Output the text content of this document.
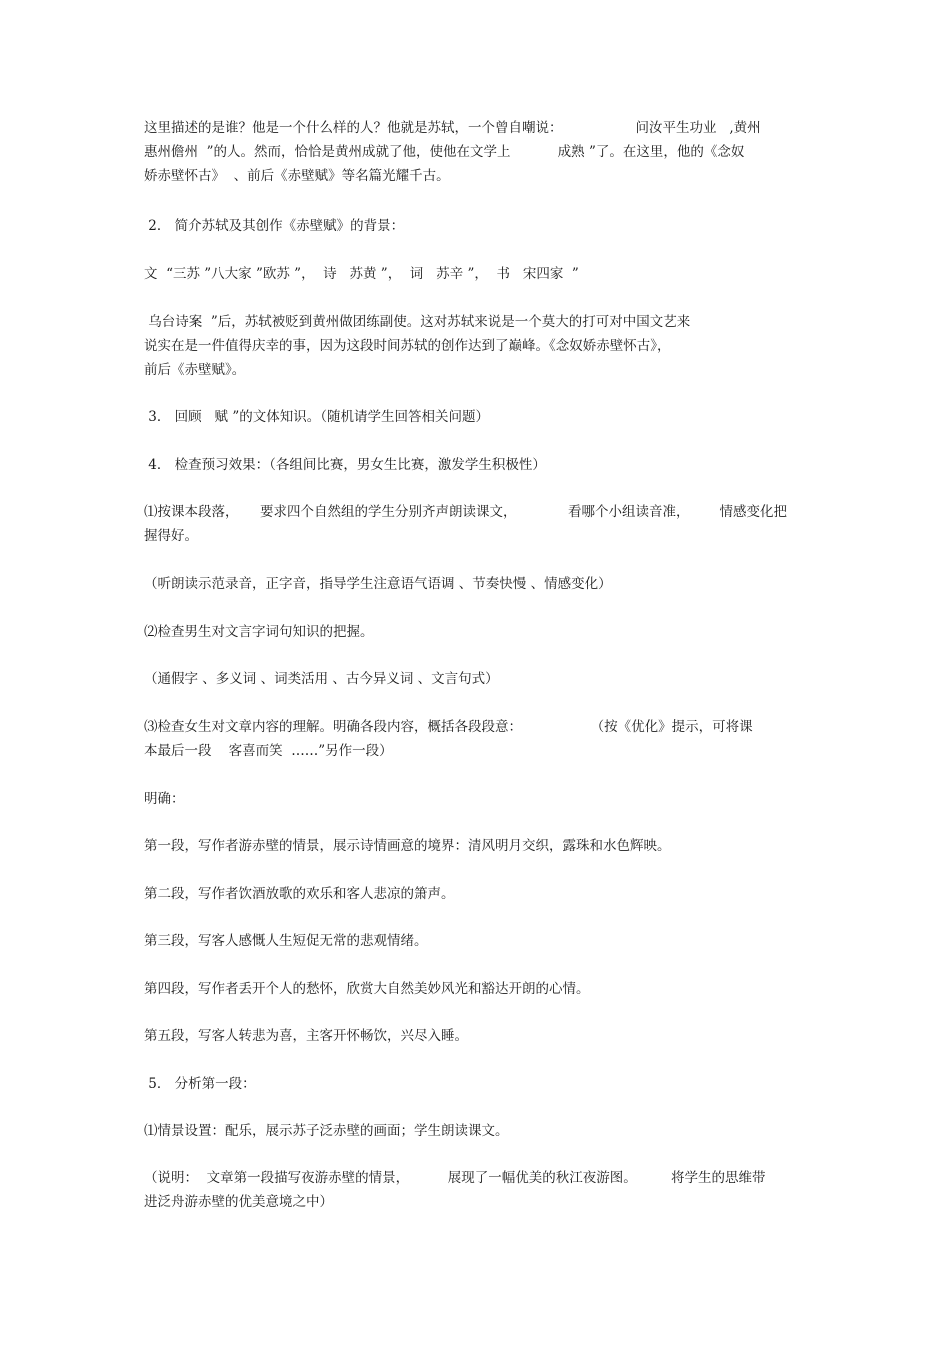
这里描述的是谁？他是一个什么样的人？他就是苏轼，一个曾自嘲说：                 问汝平生功业   ,黄州
惠州儋州  ”的人。然而，恰恰是黄州成就了他，使他在文学上           成熟 ”了。在这里，他的《念奴
娇赤壁怀古》  、前后《赤壁赋》等名篇光耀千古。

2． 简介苏轼及其创作《赤壁赋》的背景：

文  “三苏 ”八大家 ”欧苏 ”，  诗   苏黄 ”，  词   苏辛 ”，  书   宋四家  ”

乌台诗案  ”后，苏轼被贬到黄州做团练副使。这对苏轼来说是一个莫大的打可对中国文艺来
说实在是一件值得庆幸的事，因为这段时间苏轼的创作达到了巅峰。《念奴娇赤壁怀古》，
前后《赤壁赋》。

3． 回顾   赋 ”的文体知识。（随机请学生回答相关问题）

4． 检查预习效果：（各组间比赛，男女生比赛，激发学生积极性）

⑴按课本段落，     要求四个自然组的学生分别齐声朗读课文，            看哪个小组读音准，       情感变化把
握得好。

（听朗读示范录音，正字音，指导学生注意语气语调 、节奏快慢 、情感变化）

⑵检查男生对文言字词句知识的把握。

（通假字 、多义词 、词类活用 、古今异义词 、文言句式）

⑶检查女生对文章内容的理解。明确各段内容，概括各段段意：                （按《优化》提示，可将课
本最后一段    客喜而笑  ……”另作一段）

明确：

第一段，写作者游赤壁的情景，展示诗情画意的境界：清风明月交织，露珠和水色辉映。

第二段，写作者饮酒放歌的欢乐和客人悲凉的箫声。

第三段，写客人感慨人生短促无常的悲观情绪。

第四段，写作者丢开个人的愁怀，欣赏大自然美妙风光和豁达开朗的心情。

第五段，写客人转悲为喜，主客开怀畅饮，兴尽入睡。

5． 分析第一段：

⑴情景设置：配乐，展示苏子泛赤壁的画面；学生朗读课文。

（说明：  文章第一段描写夜游赤壁的情景，         展现了一幅优美的秋江夜游图。        将学生的思维带
进泛舟游赤壁的优美意境之中）
